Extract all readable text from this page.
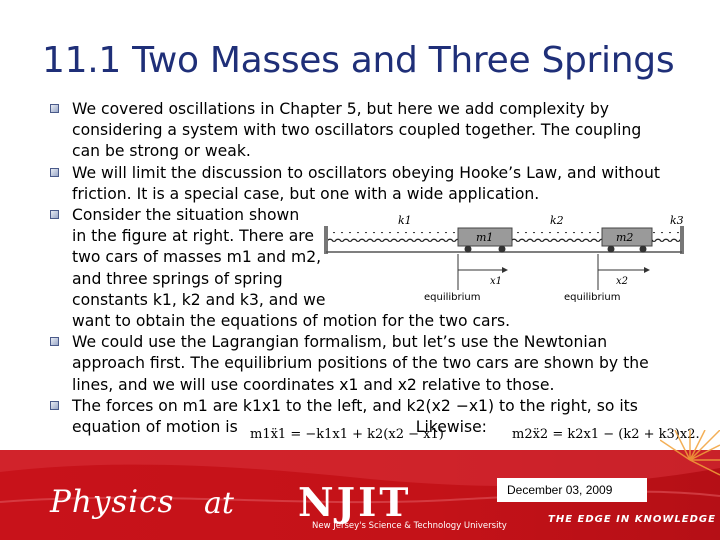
11.1 Two Masses and Three Springs
We covered oscillations in Chapter 5, but here we add complexity by
considering a system with two oscillators coupled together. The coupling
can be strong or weak.
We will limit the discussion to oscillators obeying Hooke’s Law, and without
friction. It is a special case, but one with a wide application.
Consider the situation shown
in the figure at right. There are
two cars of masses m1 and m2,
and three springs of spring
constants k1, k2 and k3, and we
want to obtain the equations of motion for the two cars.
We could use the Lagrangian formalism, but let’s use the Newtonian
approach first. The equilibrium positions of the two cars are shown by the
lines, and we will use coordinates x1 and x2 relative to those.
The forces on m1 are k1x1 to the left, and k2(x2 −x1) to the right, so its
equation of motion is	Likewise:
k1	k2	k3
m1	m2
x1	x2
equilibrium	equilibrium
m1ẍ1 = −k1x1 + k2(x2 − x1)	m2ẍ2 = k2x1 − (k2 + k3)x2.
Physics at NJIT
New Jersey's Science & Technology University
THE EDGE IN KNOWLEDGE
December 03, 2009
